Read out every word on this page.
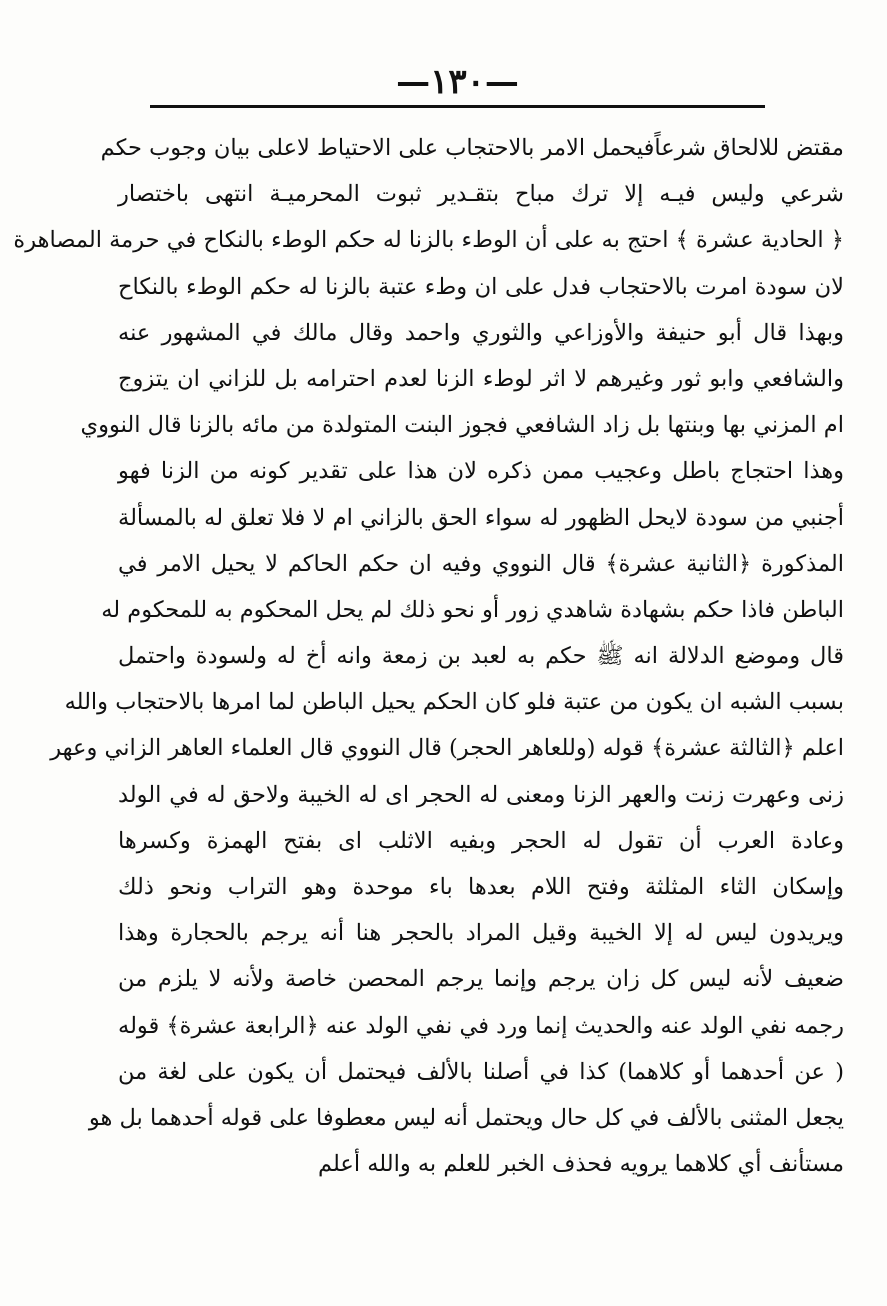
—١٣٠—
مقتض للالحاق شرعاًفيحمل الامر بالاحتجاب على الاحتياط لاعلى بيان وجوب حكم
شرعي وليس فيـه إلا ترك مباح بتقـدير ثبوت المحرميـة انتهى باختصار
﴿ الحادية عشرة ﴾ احتج به على أن الوطء بالزنا له حكم الوطء بالنكاح في حرمة المصاهرة
لان سودة امرت بالاحتجاب فدل على ان وطء عتبة بالزنا له حكم الوطء بالنكاح
وبهذا قال أبو حنيفة والأوزاعي والثوري واحمد وقال مالك في المشهور عنه
والشافعي وابو ثور وغيرهم لا اثر لوطء الزنا لعدم احترامه بل للزاني ان يتزوج
ام المزني بها وبنتها بل زاد الشافعي فجوز البنت المتولدة من مائه بالزنا قال النووي
وهذا احتجاج باطل وعجيب ممن ذكره لان هذا على تقدير كونه من الزنا فهو
أجنبي من سودة لايحل الظهور له سواء الحق بالزاني ام لا فلا تعلق له بالمسألة
المذكورة ﴿الثانية عشرة﴾ قال النووي وفيه ان حكم الحاكم لا يحيل الامر في
الباطن فاذا حكم بشهادة شاهدي زور أو نحو ذلك لم يحل المحكوم به للمحكوم له
قال وموضع الدلالة انه ﷺ حكم به لعبد بن زمعة وانه أخ له ولسودة واحتمل
بسبب الشبه ان يكون من عتبة فلو كان الحكم يحيل الباطن لما امرها بالاحتجاب والله
اعلم ﴿الثالثة عشرة﴾ قوله (وللعاهر الحجر) قال النووي قال العلماء العاهر الزاني وعهر
زنى وعهرت زنت والعهر الزنا ومعنى له الحجر اى له الخيبة ولاحق له في الولد
وعادة العرب أن تقول له الحجر وبفيه الاثلب اى بفتح الهمزة وكسرها
وإسكان الثاء المثلثة وفتح اللام بعدها باء موحدة وهو التراب ونحو ذلك
ويريدون ليس له إلا الخيبة وقيل المراد بالحجر هنا أنه يرجم بالحجارة وهذا
ضعيف لأنه ليس كل زان يرجم وإنما يرجم المحصن خاصة ولأنه لا يلزم من
رجمه نفي الولد عنه والحديث إنما ورد في نفي الولد عنه ﴿الرابعة عشرة﴾ قوله
( عن أحدهما أو كلاهما) كذا في أصلنا بالألف فيحتمل أن يكون على لغة من
يجعل المثنى بالألف في كل حال ويحتمل أنه ليس معطوفا على قوله أحدهما بل هو
مستأنف أي كلاهما يرويه فحذف الخبر للعلم به والله أعلم
